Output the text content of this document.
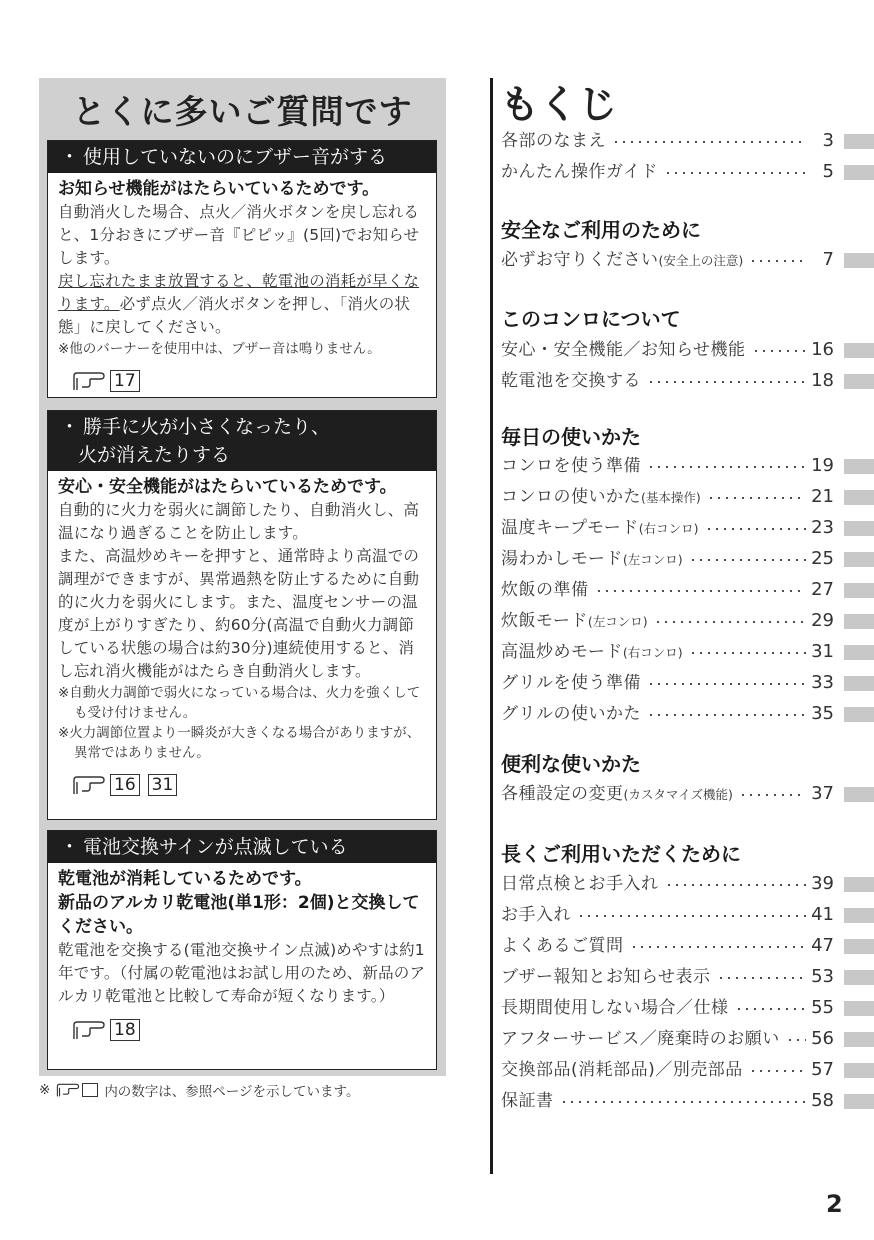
とくに多いご質問です
・ 使用していないのにブザー音がする
お知らせ機能がはたらいているためです。
自動消火した場合、点火／消火ボタンを戻し忘れると、1分おきにブザー音『ピピッ』(5回)でお知らせします。
戻し忘れたまま放置すると、乾電池の消耗が早くなります。必ず点火／消火ボタンを押し、「消火の状態」に戻してください。
※他のバーナーを使用中は、ブザー音は鳴りません。
17
・ 勝手に火が小さくなったり、
火が消えたりする
安心・安全機能がはたらいているためです。
自動的に火力を弱火に調節したり、自動消火し、高温になり過ぎることを防止します。
また、高温炒めキーを押すと、通常時より高温での調理ができますが、異常過熱を防止するために自動的に火力を弱火にします。また、温度センサーの温度が上がりすぎたり、約60分(高温で自動火力調節している状態の場合は約30分)連続使用すると、消し忘れ消火機能がはたらき自動消火します。
※自動火力調節で弱火になっている場合は、火力を強くしても受け付けません。
※火力調節位置より一瞬炎が大きくなる場合がありますが、異常ではありません。
16 31
・ 電池交換サインが点滅している
乾電池が消耗しているためです。
新品のアルカリ乾電池(単1形：2個)と交換してください。
乾電池を交換する(電池交換サイン点滅)めやすは約1年です。（付属の乾電池はお試し用のため、新品のアルカリ乾電池と比較して寿命が短くなります。）
18
※	内の数字は、参照ページを示しています。
もくじ
各部のなまえ	3
かんたん操作ガイド	5
安全なご利用のために
必ずお守りください(安全上の注意)	7
このコンロについて
安心・安全機能／お知らせ機能	16
乾電池を交換する	18
毎日の使いかた
コンロを使う準備	19
コンロの使いかた(基本操作)	21
温度キープモード(右コンロ)	23
湯わかしモード(左コンロ)	25
炊飯の準備	27
炊飯モード(左コンロ)	29
高温炒めモード(右コンロ)	31
グリルを使う準備	33
グリルの使いかた	35
便利な使いかた
各種設定の変更(カスタマイズ機能)	37
長くご利用いただくために
日常点検とお手入れ	39
お手入れ	41
よくあるご質問	47
ブザー報知とお知らせ表示	53
長期間使用しない場合／仕様	55
アフターサービス／廃棄時のお願い 56
交換部品(消耗部品)／別売部品	57
保証書	58
2
